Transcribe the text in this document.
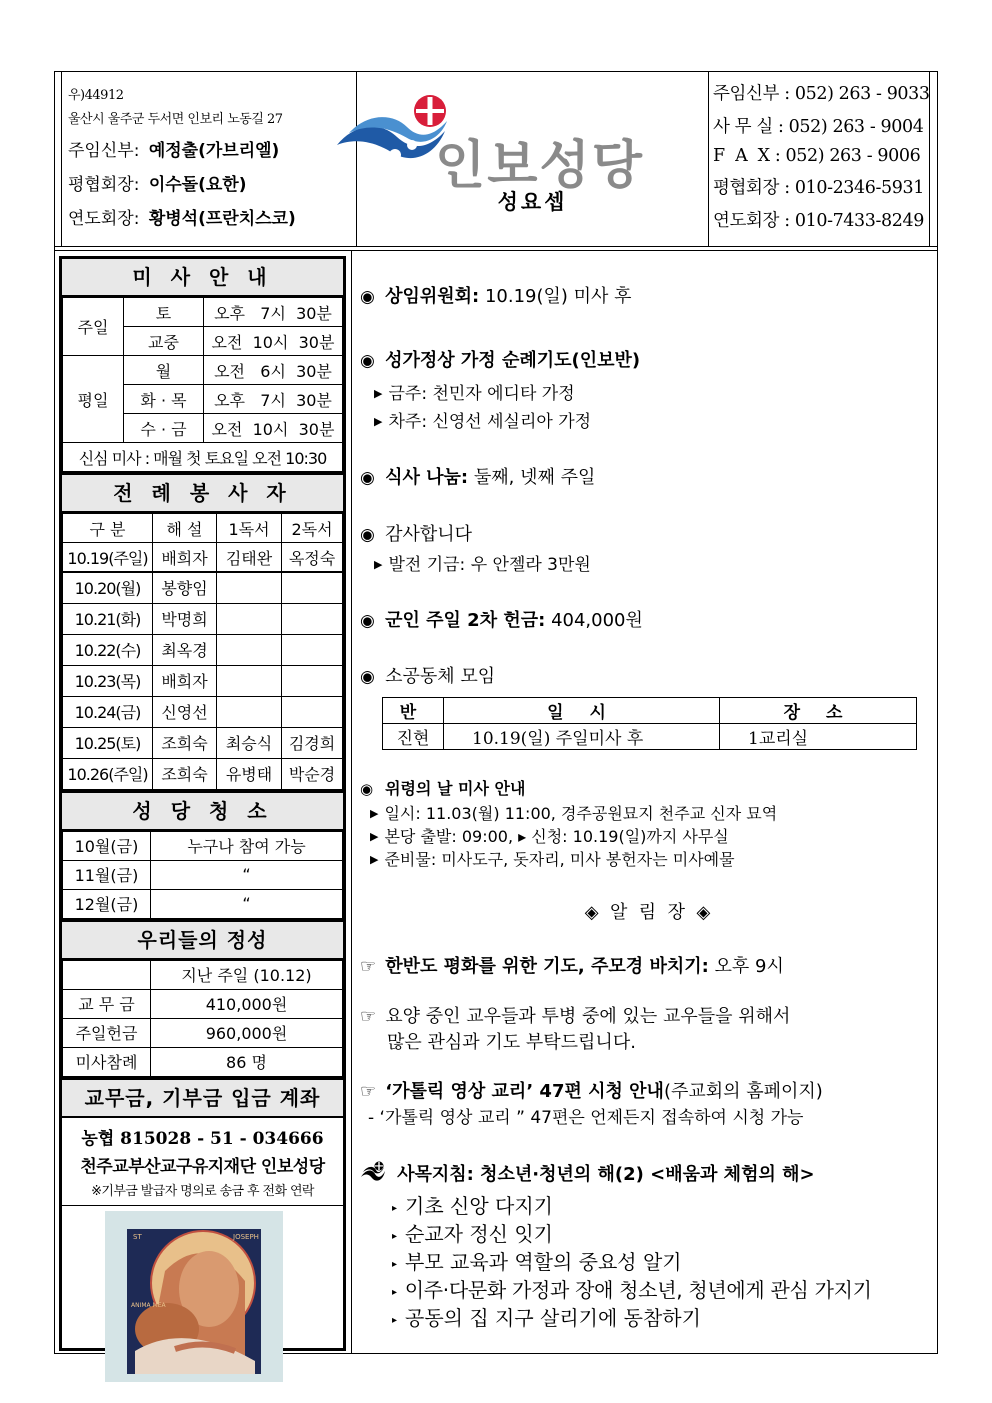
우)44912
울산시 울주군 두서면 인보리 노동길 27
주임신부: 예정출(가브리엘)
평협회장: 이수돌(요한)
연도회장: 황병석(프란치스코)
인보성당
성요셉
주임신부 : 052) 263 - 9033
사 무 실 : 052) 263 - 9004
F  A  X : 052) 263 - 9006
평협회장 : 010-2346-5931
연도회장 : 010-7433-8249
미 사 안 내
주일	토	오후   7시  30분
	교중	오전  10시  30분
평일	월	오전   6시  30분
	화 · 목	오후   7시  30분
	수 · 금	오전  10시  30분
신심 미사 : 매월 첫 토요일 오전 10:30		
전 례 봉 사 자
구 분	해 설	1독서	2독서
10.19(주일)	배희자	김태완	옥정숙
10.20(월)	봉향임		
10.21(화)	박명희		
10.22(수)	최옥경		
10.23(목)	배희자		
10.24(금)	신영선		
10.25(토)	조희숙	최승식	김경희
10.26(주일)	조희숙	유병태	박순경
성 당 청 소
10월(금)	누구나 참여 가능
11월(금)	“
12월(금)	“
우리들의 정성
	지난 주일 (10.12)
교 무 금	410,000원
주일헌금	960,000원
미사참례	86 명
교무금, 기부금 입금 계좌
농협 815028 - 51 - 034666
천주교부산교구유지재단 인보성당
※기부금 발급자 명의로 송금 후 전화 연락
ST	JOSEPH
ANIMA MEA
◉ 상임위원회: 10.19(일) 미사 후
◉ 성가정상 가정 순례기도(인보반)
▶ 금주: 천민자 에디타 가정
▶ 차주: 신영선 세실리아 가정
◉ 식사 나눔: 둘째, 넷째 주일
◉ 감사합니다
▶ 발전 기금: 우 안젤라 3만원
◉ 군인 주일 2차 헌금: 404,000원
◉ 소공동체 모임
반	일 시	장 소
진현	10.19(일) 주일미사 후	1교리실
◉ 위령의 날 미사 안내
▶ 일시: 11.03(월) 11:00, 경주공원묘지 천주교 신자 묘역
▶ 본당 출발: 09:00, ▸ 신청: 10.19(일)까지 사무실
▶ 준비물: 미사도구, 돗자리, 미사 봉헌자는 미사예물
◈  알  림  장  ◈
☞ 한반도 평화를 위한 기도, 주모경 바치기: 오후 9시
☞ 요양 중인 교우들과 투병 중에 있는 교우들을 위해서
많은 관심과 기도 부탁드립니다.
☞ ‘가톨릭 영상 교리’ 47편 시청 안내(주교회의 홈페이지)
- ‘가톨릭 영상 교리 ” 47편은 언제든지 접속하여 시청 가능
사목지침: 청소년·청년의 해(2) <배움과 체험의 해>
▸ 기초 신앙 다지기
▸ 순교자 정신 잇기
▸ 부모 교육과 역할의 중요성 알기
▸ 이주·다문화 가정과 장애 청소년, 청년에게 관심 가지기
▸ 공동의 집 지구 살리기에 동참하기
